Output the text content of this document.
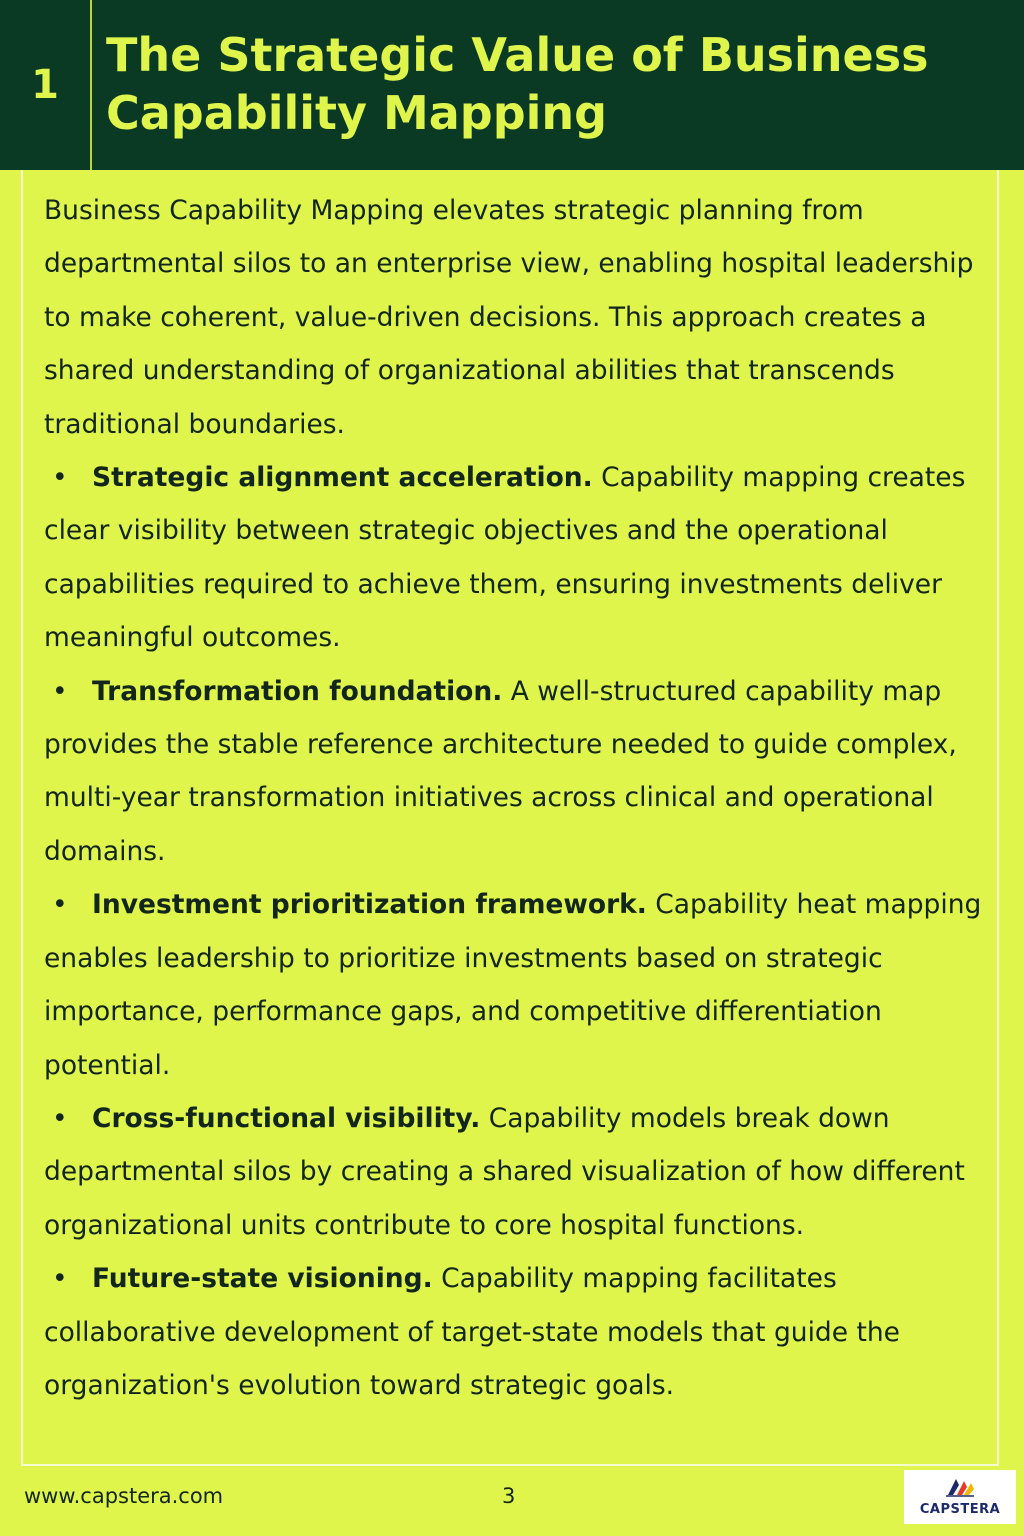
1
The Strategic Value of Business Capability Mapping

Business Capability Mapping elevates strategic planning from departmental silos to an enterprise view, enabling hospital leadership to make coherent, value-driven decisions. This approach creates a shared understanding of organizational abilities that transcends traditional boundaries.

• Strategic alignment acceleration. Capability mapping creates clear visibility between strategic objectives and the operational capabilities required to achieve them, ensuring investments deliver meaningful outcomes.

• Transformation foundation. A well-structured capability map provides the stable reference architecture needed to guide complex, multi-year transformation initiatives across clinical and operational domains.

• Investment prioritization framework. Capability heat mapping enables leadership to prioritize investments based on strategic importance, performance gaps, and competitive differentiation potential.

• Cross-functional visibility. Capability models break down departmental silos by creating a shared visualization of how different organizational units contribute to core hospital functions.

• Future-state visioning. Capability mapping facilitates collaborative development of target-state models that guide the organization's evolution toward strategic goals.

www.capstera.com	3
CAPSTERA
